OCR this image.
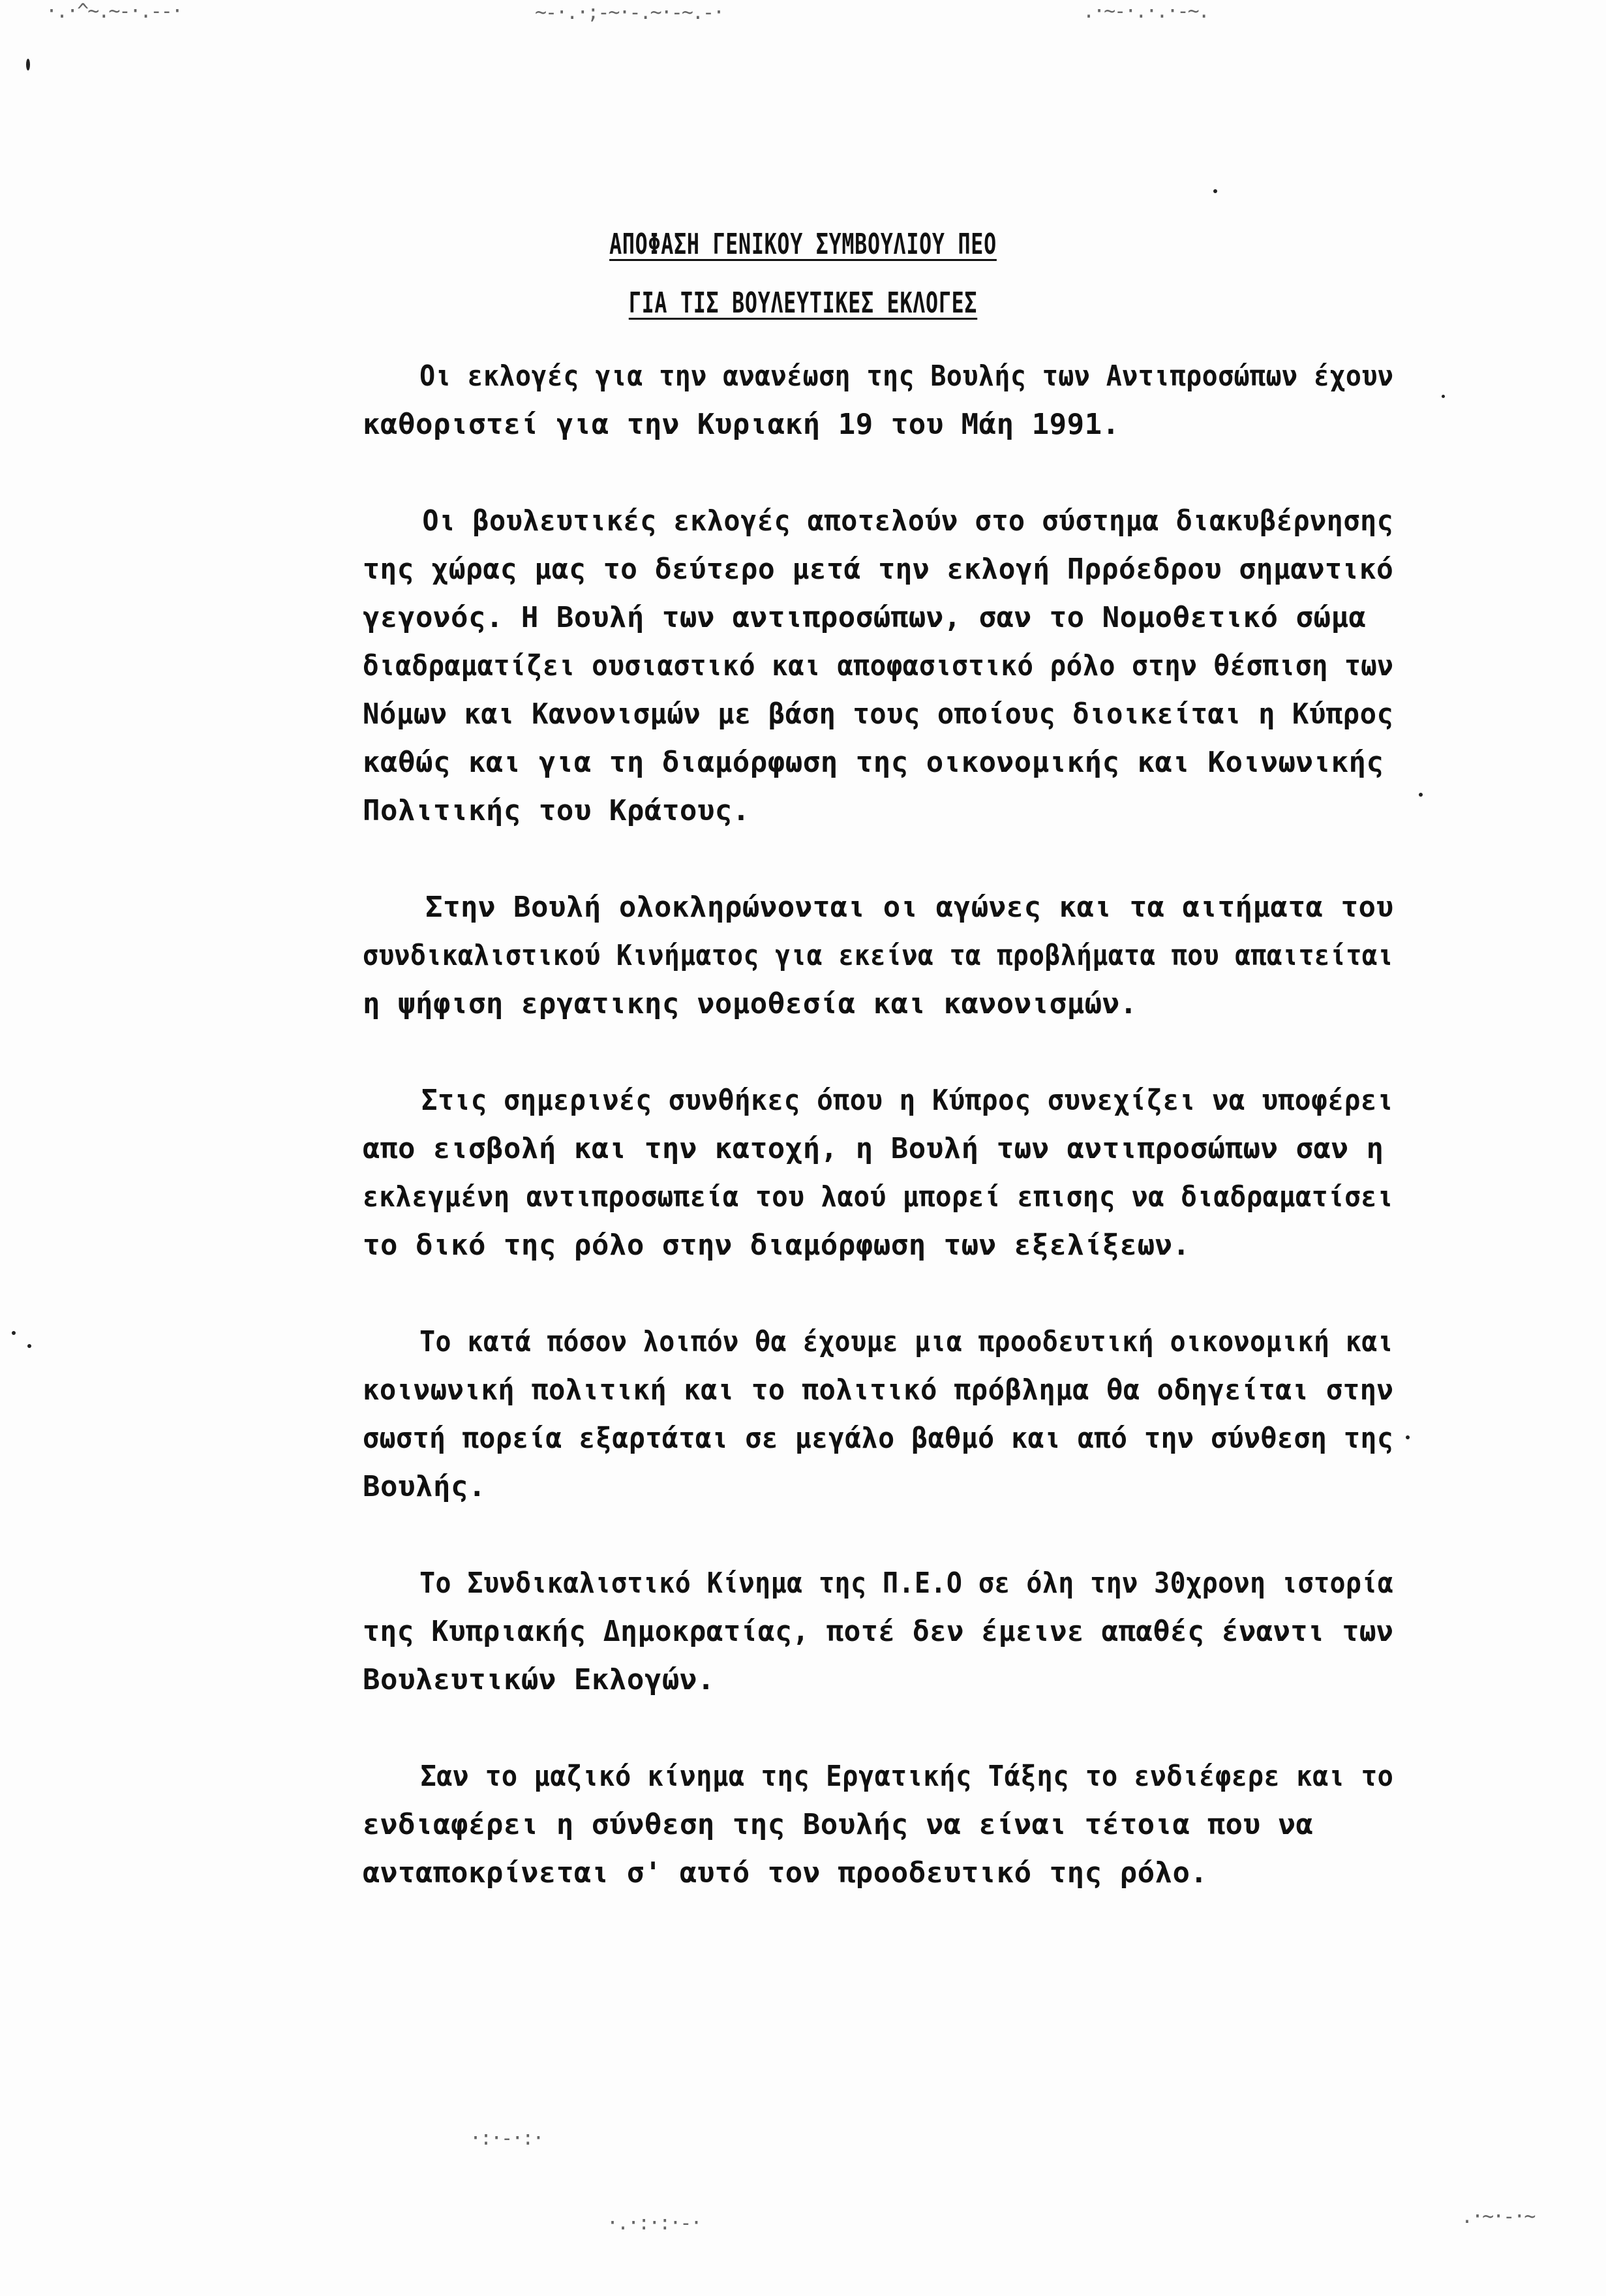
·.·^~.~-·.--·	~-·.·;-~·-.~·-~.-·	.·~-·.·.·-~.
·:·-·:·
·.·:·:·-·	.·~·-·~
ΑΠΟΦΑΣΗ ΓΕΝΙΚΟΥ ΣΥΜΒΟΥΛΙΟΥ ΠΕΟ
ΓΙΑ ΤΙΣ ΒΟΥΛΕΥΤΙΚΕΣ ΕΚΛΟΓΕΣ
Οι εκλογές για την ανανέωση της Βουλής των Αντιπροσώπων έχουν
καθοριστεί για την Κυριακή 19 του Μάη 1991.
Οι βουλευτικές εκλογές αποτελούν στο σύστημα διακυβέρνησης
της χώρας μας το δεύτερο μετά την εκλογή Πρρόεδρου σημαντικό
γεγονός. Η Βουλή των αντιπροσώπων, σαν το Νομοθετικό σώμα
διαδραματίζει ουσιαστικό και αποφασιστικό ρόλο στην θέσπιση των
Νόμων και Κανονισμών με βάση τους οποίους διοικείται η Κύπρος
καθώς και για τη διαμόρφωση της οικονομικής και Κοινωνικής
Πολιτικής του Κράτους.
Στην Βουλή ολοκληρώνονται οι αγώνες και τα αιτήματα του
συνδικαλιστικού Κινήματος για εκείνα τα προβλήματα που απαιτείται
η ψήφιση εργατικης νομοθεσία και κανονισμών.
Στις σημερινές συνθήκες όπου η Κύπρος συνεχίζει να υποφέρει
απο εισβολή και την κατοχή, η Βουλή των αντιπροσώπων σαν η
εκλεγμένη αντιπροσωπεία του λαού μπορεί επισης να διαδραματίσει
το δικό της ρόλο στην διαμόρφωση των εξελίξεων.
Το κατά πόσον λοιπόν θα έχουμε μια προοδευτική οικονομική και
κοινωνική πολιτική και το πολιτικό πρόβλημα θα οδηγείται στην
σωστή πορεία εξαρτάται σε μεγάλο βαθμό και από την σύνθεση της
Βουλής.
Το Συνδικαλιστικό Κίνημα της Π.Ε.Ο σε όλη την 30χρονη ιστορία
της Κυπριακής Δημοκρατίας, ποτέ δεν έμεινε απαθές έναντι των
Βουλευτικών Εκλογών.
Σαν το μαζικό κίνημα της Εργατικής Τάξης το ενδιέφερε και το
ενδιαφέρει η σύνθεση της Βουλής να είναι τέτοια που να
ανταποκρίνεται σ' αυτό τον προοδευτικό της ρόλο.
